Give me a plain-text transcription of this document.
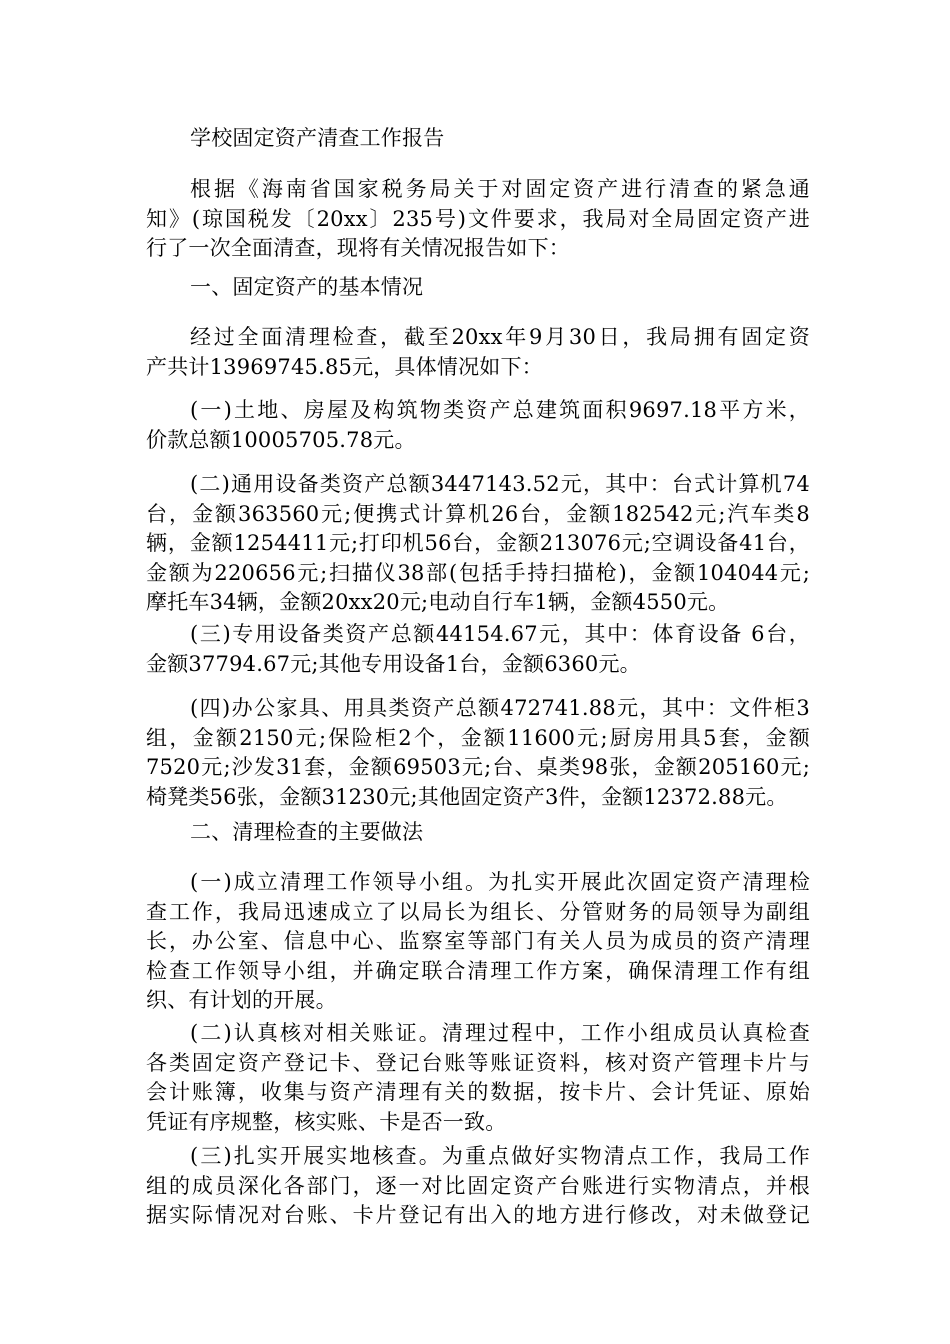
学校固定资产清查工作报告
根据《海南省国家税务局关于对固定资产进行清查的紧急通
知》(琼国税发〔20xx〕235号)文件要求，我局对全局固定资产进
行了一次全面清查，现将有关情况报告如下：
一、固定资产的基本情况
经过全面清理检查，截至20xx年9月30日，我局拥有固定资
产共计13969745.85元，具体情况如下：
(一)土地、房屋及构筑物类资产总建筑面积9697.18平方米，
价款总额10005705.78元。
(二)通用设备类资产总额3447143.52元，其中：台式计算机74
台，金额363560元;便携式计算机26台，金额182542元;汽车类8
辆，金额1254411元;打印机56台，金额213076元;空调设备41台，
金额为220656元;扫描仪38部(包括手持扫描枪)，金额104044元;
摩托车34辆，金额20xx20元;电动自行车1辆，金额4550元。
(三)专用设备类资产总额44154.67元，其中：体育设备 6台，
金额37794.67元;其他专用设备1台，金额6360元。
(四)办公家具、用具类资产总额472741.88元，其中：文件柜3
组，金额2150元;保险柜2个，金额11600元;厨房用具5套，金额
7520元;沙发31套，金额69503元;台、桌类98张，金额205160元;
椅凳类56张，金额31230元;其他固定资产3件，金额12372.88元。
二、清理检查的主要做法
(一)成立清理工作领导小组。为扎实开展此次固定资产清理检
查工作，我局迅速成立了以局长为组长、分管财务的局领导为副组
长，办公室、信息中心、监察室等部门有关人员为成员的资产清理
检查工作领导小组，并确定联合清理工作方案，确保清理工作有组
织、有计划的开展。
(二)认真核对相关账证。清理过程中，工作小组成员认真检查
各类固定资产登记卡、登记台账等账证资料，核对资产管理卡片与
会计账簿，收集与资产清理有关的数据，按卡片、会计凭证、原始
凭证有序规整，核实账、卡是否一致。
(三)扎实开展实地核查。为重点做好实物清点工作，我局工作
组的成员深化各部门，逐一对比固定资产台账进行实物清点，并根
据实际情况对台账、卡片登记有出入的地方进行修改，对未做登记
